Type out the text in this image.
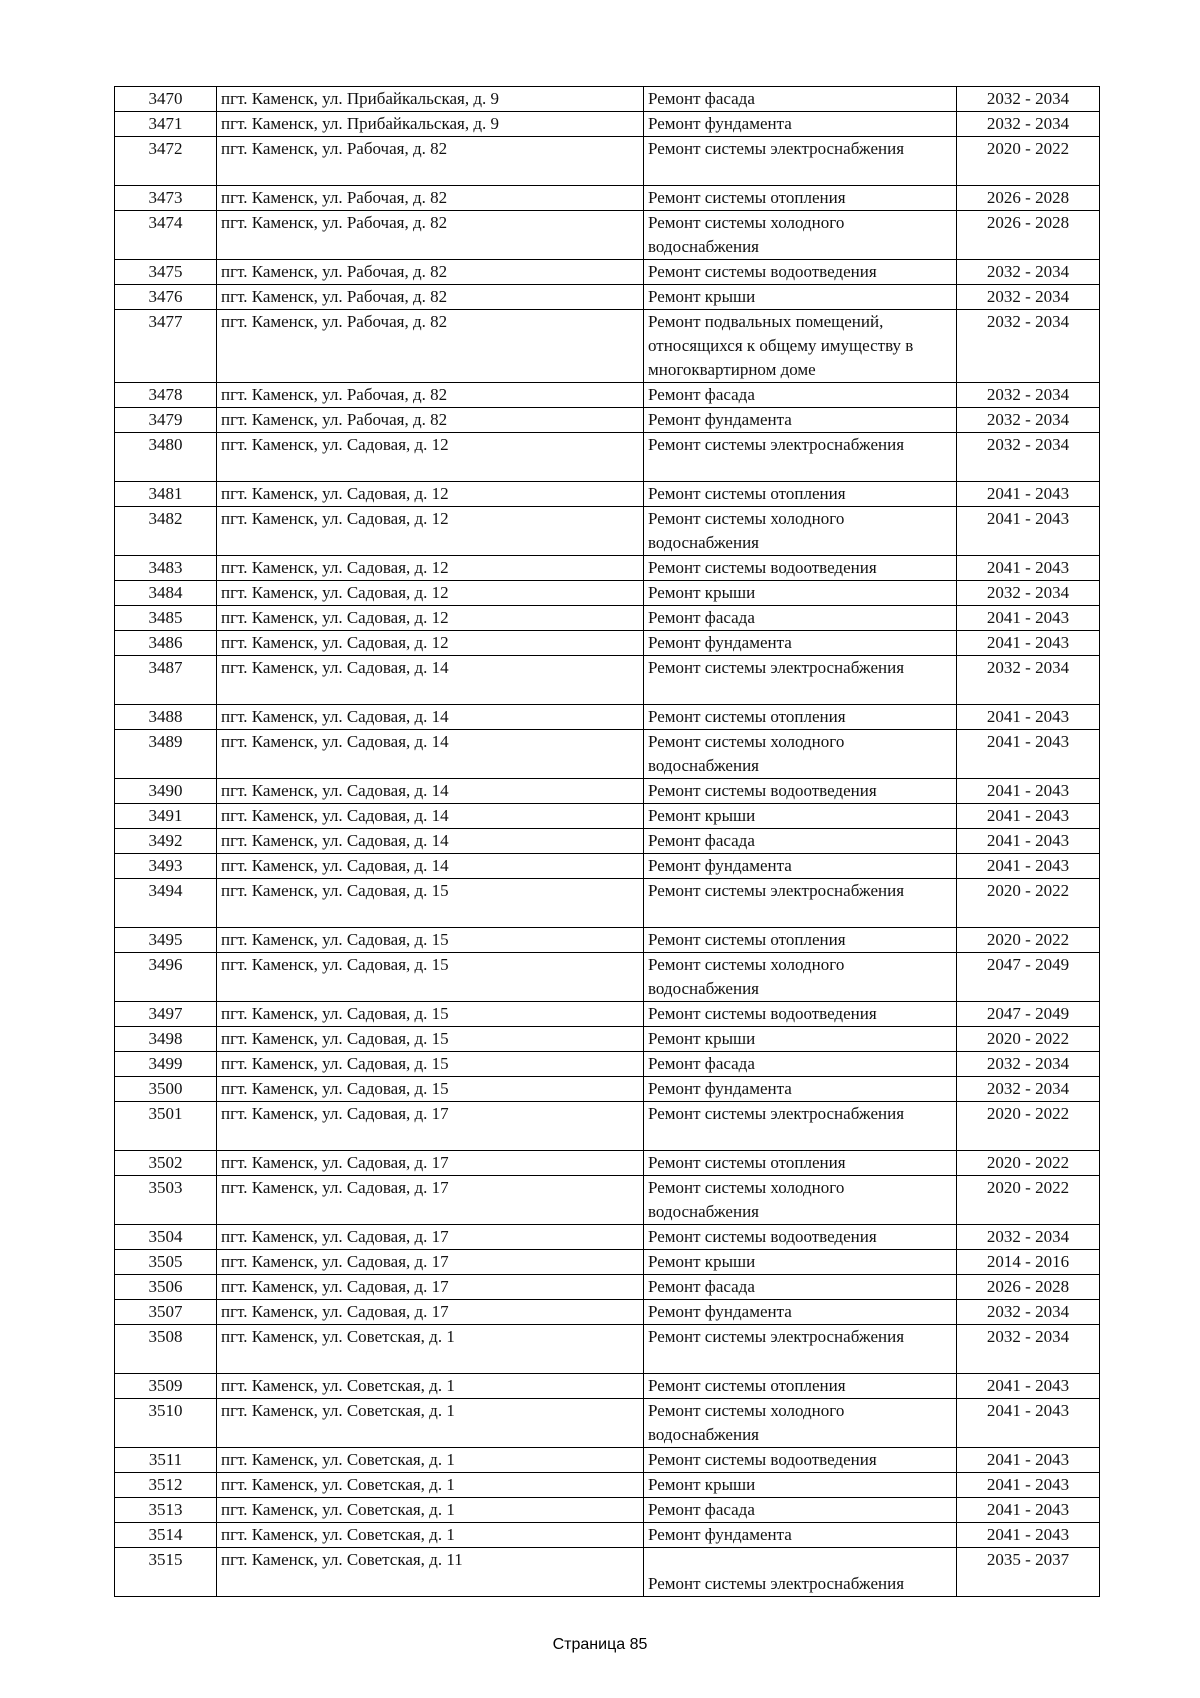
3470	пгт. Каменск, ул. Прибайкальская, д. 9	Ремонт фасада	2032 - 2034
3471	пгт. Каменск, ул. Прибайкальская, д. 9	Ремонт фундамента	2032 - 2034
3472	пгт. Каменск, ул. Рабочая, д. 82	Ремонт системы электроснабжения	2020 - 2022
3473	пгт. Каменск, ул. Рабочая, д. 82	Ремонт системы отопления	2026 - 2028
3474	пгт. Каменск, ул. Рабочая, д. 82	Ремонт системы холодного водоснабжения	2026 - 2028
3475	пгт. Каменск, ул. Рабочая, д. 82	Ремонт системы водоотведения	2032 - 2034
3476	пгт. Каменск, ул. Рабочая, д. 82	Ремонт крыши	2032 - 2034
3477	пгт. Каменск, ул. Рабочая, д. 82	Ремонт подвальных помещений, относящихся к общему имуществу в многоквартирном доме	2032 - 2034
3478	пгт. Каменск, ул. Рабочая, д. 82	Ремонт фасада	2032 - 2034
3479	пгт. Каменск, ул. Рабочая, д. 82	Ремонт фундамента	2032 - 2034
3480	пгт. Каменск, ул. Садовая, д. 12	Ремонт системы электроснабжения	2032 - 2034
3481	пгт. Каменск, ул. Садовая, д. 12	Ремонт системы отопления	2041 - 2043
3482	пгт. Каменск, ул. Садовая, д. 12	Ремонт системы холодного водоснабжения	2041 - 2043
3483	пгт. Каменск, ул. Садовая, д. 12	Ремонт системы водоотведения	2041 - 2043
3484	пгт. Каменск, ул. Садовая, д. 12	Ремонт крыши	2032 - 2034
3485	пгт. Каменск, ул. Садовая, д. 12	Ремонт фасада	2041 - 2043
3486	пгт. Каменск, ул. Садовая, д. 12	Ремонт фундамента	2041 - 2043
3487	пгт. Каменск, ул. Садовая, д. 14	Ремонт системы электроснабжения	2032 - 2034
3488	пгт. Каменск, ул. Садовая, д. 14	Ремонт системы отопления	2041 - 2043
3489	пгт. Каменск, ул. Садовая, д. 14	Ремонт системы холодного водоснабжения	2041 - 2043
3490	пгт. Каменск, ул. Садовая, д. 14	Ремонт системы водоотведения	2041 - 2043
3491	пгт. Каменск, ул. Садовая, д. 14	Ремонт крыши	2041 - 2043
3492	пгт. Каменск, ул. Садовая, д. 14	Ремонт фасада	2041 - 2043
3493	пгт. Каменск, ул. Садовая, д. 14	Ремонт фундамента	2041 - 2043
3494	пгт. Каменск, ул. Садовая, д. 15	Ремонт системы электроснабжения	2020 - 2022
3495	пгт. Каменск, ул. Садовая, д. 15	Ремонт системы отопления	2020 - 2022
3496	пгт. Каменск, ул. Садовая, д. 15	Ремонт системы холодного водоснабжения	2047 - 2049
3497	пгт. Каменск, ул. Садовая, д. 15	Ремонт системы водоотведения	2047 - 2049
3498	пгт. Каменск, ул. Садовая, д. 15	Ремонт крыши	2020 - 2022
3499	пгт. Каменск, ул. Садовая, д. 15	Ремонт фасада	2032 - 2034
3500	пгт. Каменск, ул. Садовая, д. 15	Ремонт фундамента	2032 - 2034
3501	пгт. Каменск, ул. Садовая, д. 17	Ремонт системы электроснабжения	2020 - 2022
3502	пгт. Каменск, ул. Садовая, д. 17	Ремонт системы отопления	2020 - 2022
3503	пгт. Каменск, ул. Садовая, д. 17	Ремонт системы холодного водоснабжения	2020 - 2022
3504	пгт. Каменск, ул. Садовая, д. 17	Ремонт системы водоотведения	2032 - 2034
3505	пгт. Каменск, ул. Садовая, д. 17	Ремонт крыши	2014 - 2016
3506	пгт. Каменск, ул. Садовая, д. 17	Ремонт фасада	2026 - 2028
3507	пгт. Каменск, ул. Садовая, д. 17	Ремонт фундамента	2032 - 2034
3508	пгт. Каменск, ул. Советская, д. 1	Ремонт системы электроснабжения	2032 - 2034
3509	пгт. Каменск, ул. Советская, д. 1	Ремонт системы отопления	2041 - 2043
3510	пгт. Каменск, ул. Советская, д. 1	Ремонт системы холодного водоснабжения	2041 - 2043
3511	пгт. Каменск, ул. Советская, д. 1	Ремонт системы водоотведения	2041 - 2043
3512	пгт. Каменск, ул. Советская, д. 1	Ремонт крыши	2041 - 2043
3513	пгт. Каменск, ул. Советская, д. 1	Ремонт фасада	2041 - 2043
3514	пгт. Каменск, ул. Советская, д. 1	Ремонт фундамента	2041 - 2043
3515	пгт. Каменск, ул. Советская, д. 11	Ремонт системы электроснабжения	2035 - 2037
Страница 85
